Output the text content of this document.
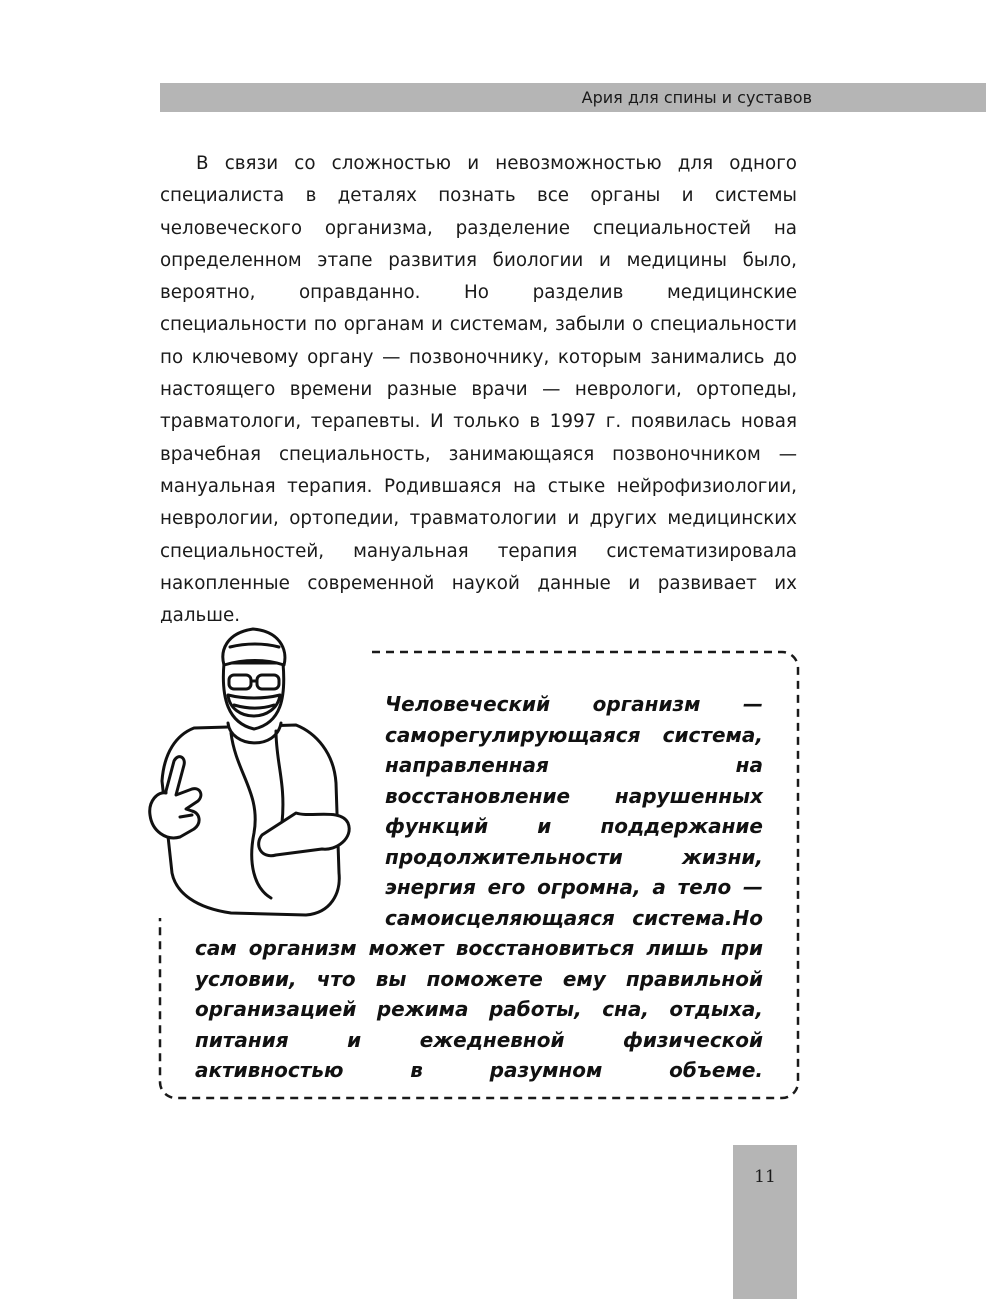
Ария для спины и суставов

В связи со сложностью и невозможностью для одного специалиста в деталях познать все органы и системы человеческого организма, разделение специальностей на определенном этапе развития биологии и медицины было, вероятно, оправданно. Но разделив медицинские специальности по органам и системам, забыли о специальности по ключевому органу — позвоночнику, которым занимались до настоящего времени разные врачи — неврологи, ортопеды, травматологи, терапевты. И только в 1997 г. появилась новая врачебная специальность, занимающаяся позвоночником — мануальная терапия. Родившаяся на стыке нейрофизиологии, неврологии, ортопедии, травматологии и других медицинских специальностей, мануальная терапия систематизировала накопленные современной наукой данные и развивает их дальше.

Человеческий организм — саморегулирующаяся система, направленная на восстановление нарушенных функций и поддержание продолжительности жизни, энергия его огромна, а тело — самоисцеляющаяся система.Но сам организм может восстановиться лишь при условии, что вы поможете ему правильной организацией режима работы, сна, отдыха, питания и ежедневной физической активностью в разумном объеме.

11
